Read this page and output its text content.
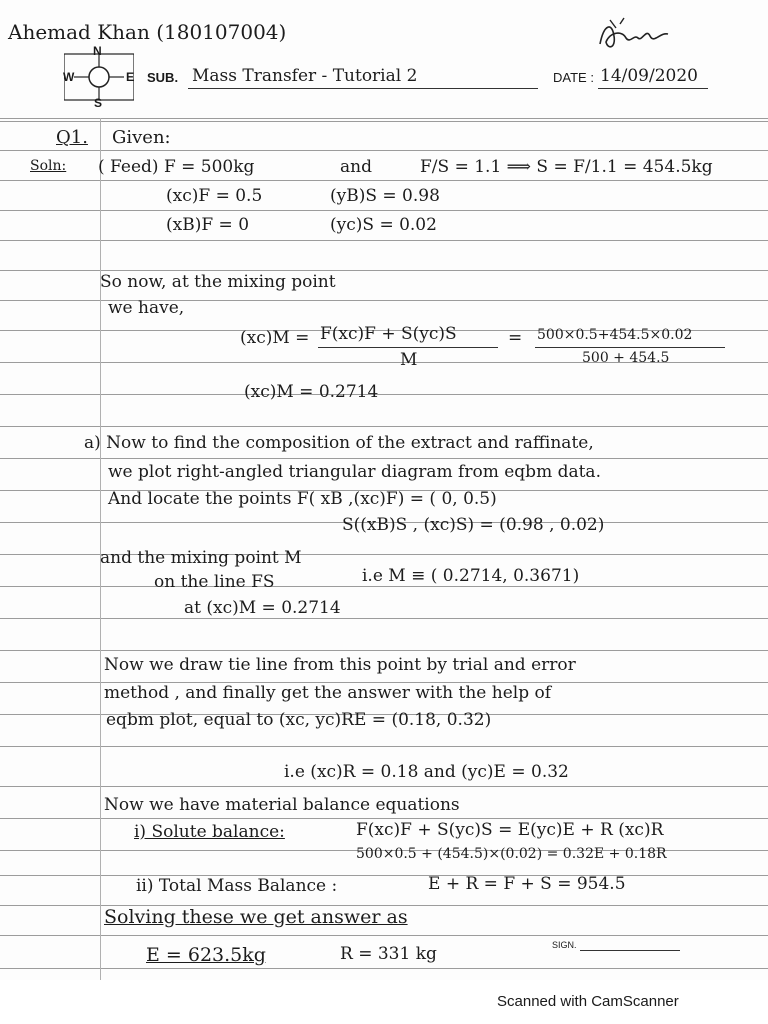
Ahemad Khan (180107004)
N
W	E
S
SUB. Mass Transfer - Tutorial 2	DATE : 14/09/2020
Q1. Given:
Soln: ( Feed) F = 500kg	and	F/S = 1.1 ⟹ S = F/1.1 = 454.5kg
(xc)F = 0.5	(yB)S = 0.98
(xB)F = 0	(yc)S = 0.02
So now, at the mixing point
we have,
(xc)M = F(xc)F + S(yc)S
M
= 500×0.5+454.5×0.02
500 + 454.5
(xc)M = 0.2714
a) Now to find the composition of the extract and raffinate,
we plot right-angled triangular diagram from eqbm data.
And locate the points F( xB ,(xc)F) = ( 0, 0.5)
S((xB)S , (xc)S) = (0.98 , 0.02)
and the mixing point M
on the line FS	i.e M ≡ ( 0.2714, 0.3671)
at (xc)M = 0.2714
Now we draw tie line from this point by trial and error
method , and finally get the answer with the help of
eqbm plot, equal to (xc, yc)RE = (0.18, 0.32)
i.e (xc)R = 0.18 and (yc)E = 0.32
Now we have material balance equations
i) Solute balance:	F(xc)F + S(yc)S = E(yc)E + R (xc)R
500×0.5 + (454.5)×(0.02) = 0.32E + 0.18R
ii) Total Mass Balance :	E + R = F + S = 954.5
Solving these we get answer as
E = 623.5kg	R = 331 kg	SIGN.
Scanned with CamScanner
